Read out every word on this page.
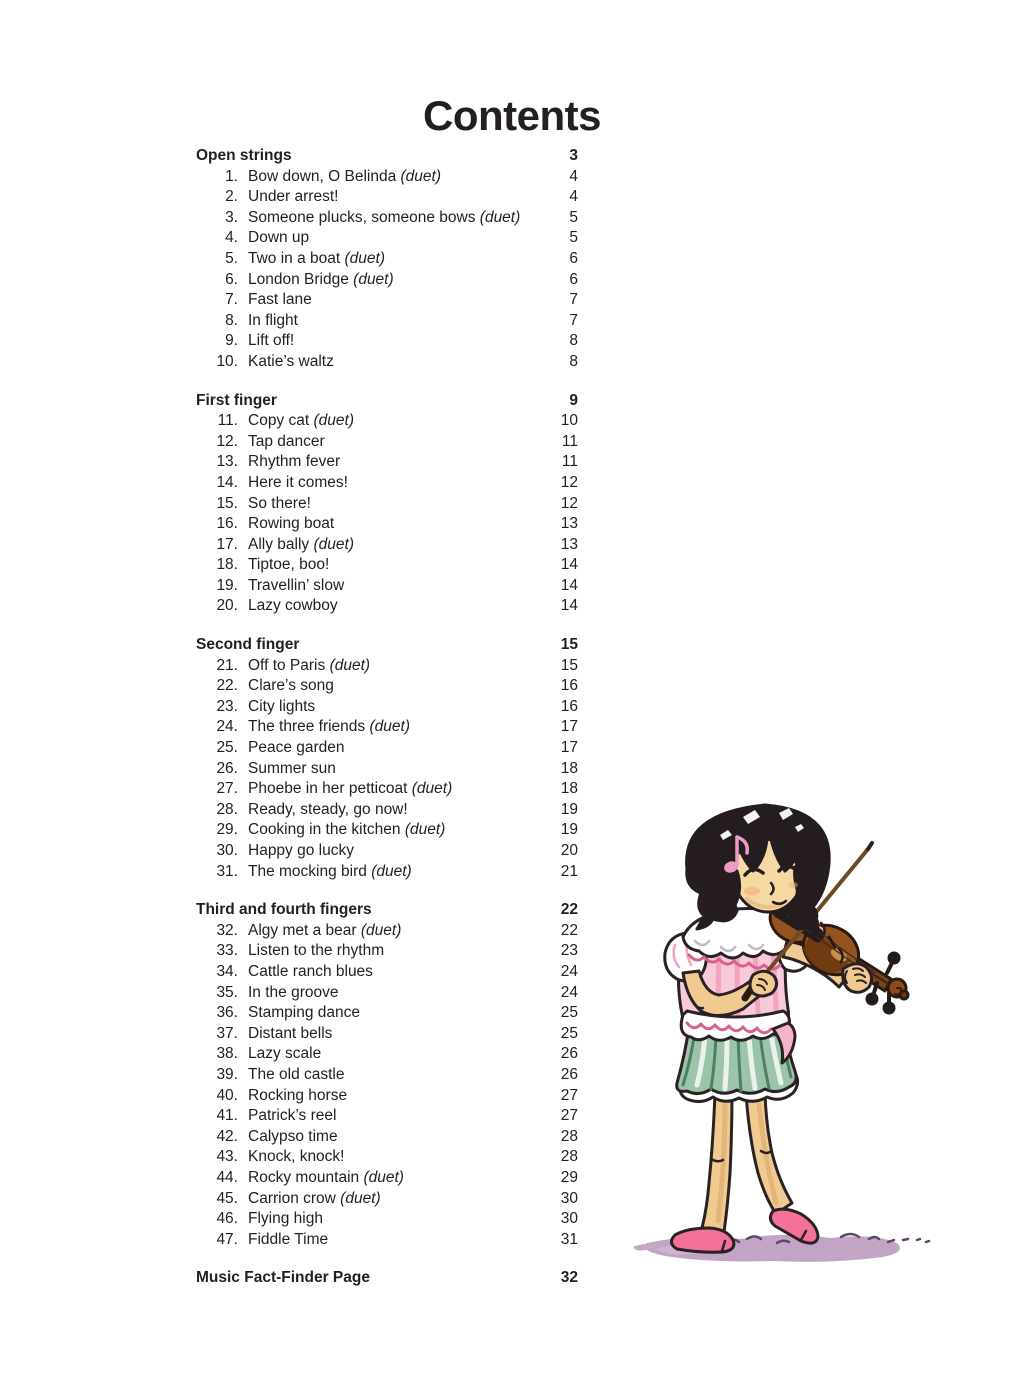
Contents
Open strings	3
1. Bow down, O Belinda (duet)	4
2. Under arrest!	4
3. Someone plucks, someone bows (duet)	5
4. Down up	5
5. Two in a boat (duet)	6
6. London Bridge (duet)	6
7. Fast lane	7
8. In flight	7
9. Lift off!	8
10. Katie’s waltz	8
First finger	9
11. Copy cat (duet)	10
12. Tap dancer	11
13. Rhythm fever	11
14. Here it comes!	12
15. So there!	12
16. Rowing boat	13
17. Ally bally (duet)	13
18. Tiptoe, boo!	14
19. Travellin’ slow	14
20. Lazy cowboy	14
Second finger	15
21. Off to Paris (duet)	15
22. Clare’s song	16
23. City lights	16
24. The three friends (duet)	17
25. Peace garden	17
26. Summer sun	18
27. Phoebe in her petticoat (duet)	18
28. Ready, steady, go now!	19
29. Cooking in the kitchen (duet)	19
30. Happy go lucky	20
31. The mocking bird (duet)	21
Third and fourth fingers	22
32. Algy met a bear (duet)	22
33. Listen to the rhythm	23
34. Cattle ranch blues	24
35. In the groove	24
36. Stamping dance	25
37. Distant bells	25
38. Lazy scale	26
39. The old castle	26
40. Rocking horse	27
41. Patrick’s reel	27
42. Calypso time	28
43. Knock, knock!	28
44. Rocky mountain (duet)	29
45. Carrion crow (duet)	30
46. Flying high	30
47. Fiddle Time	31
Music Fact-Finder Page	32
